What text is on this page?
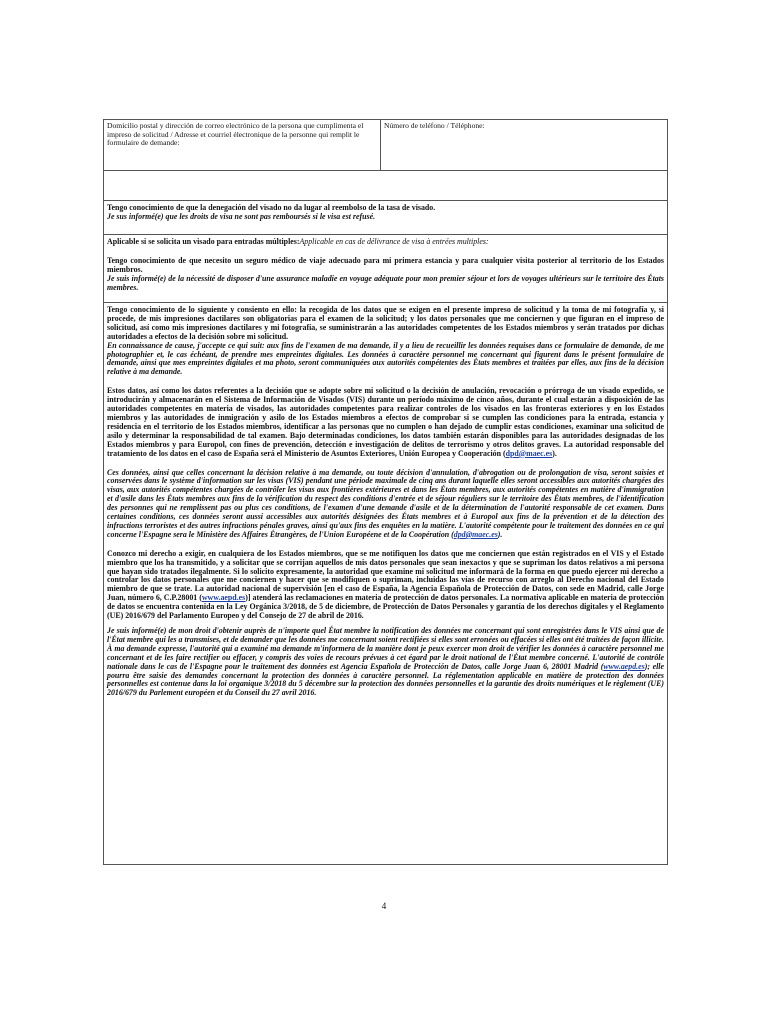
Domicilio postal y dirección de correo electrónico de la persona que cumplimenta el impreso de solicitud / Adresse et courriel électronique de la personne qui remplit le formulaire de demande:
Número de teléfono / Téléphone:

Tengo conocimiento de que la denegación del visado no da lugar al reembolso de la tasa de visado.

Je sus informé(e) que les droits de visa ne sont pas remboursés si le visa est refusé.

Aplicable si se solicita un visado para entradas múltiples:Applicable en cas de délivrance de visa à entrées multiples:

Tengo conocimiento de que necesito un seguro médico de viaje adecuado para mi primera estancia y para cualquier visita posterior al territorio de los Estados miembros.

Je suis informé(e) de la nécessité de disposer d'une assurance maladie en voyage adéquate pour mon premier séjour et lors de voyages ultérieurs sur le territoire des États membres.

Tengo conocimiento de lo siguiente y consiento en ello: la recogida de los datos que se exigen en el presente impreso de solicitud y la toma de mi fotografía y, si procede, de mis impresiones dactilares son obligatorias para el examen de la solicitud; y los datos personales que me conciernen y que figuran en el impreso de solicitud, así como mis impresiones dactilares y mi fotografía, se suministrarán a las autoridades competentes de los Estados miembros y serán tratados por dichas autoridades a efectos de la decisión sobre mi solicitud.

En connaissance de cause, j'accepte ce qui suit: aux fins de l'examen de ma demande, il y a lieu de recueillir les données requises dans ce formulaire de demande, de me photographier et, le cas échéant, de prendre mes empreintes digitales. Les données à caractère personnel me concernant qui figurent dans le présent formulaire de demande, ainsi que mes empreintes digitales et ma photo, seront communiquées aux autorités compétentes des États membres et traitées par elles, aux fins de la décision relative à ma demande.

Estos datos, así como los datos referentes a la decisión que se adopte sobre mi solicitud o la decisión de anulación, revocación o prórroga de un visado expedido, se introducirán y almacenarán en el Sistema de Información de Visados (VIS) durante un período máximo de cinco años, durante el cual estarán a disposición de las autoridades competentes en materia de visados, las autoridades competentes para realizar controles de los visados en las fronteras exteriores y en los Estados miembros y las autoridades de inmigración y asilo de los Estados miembros a efectos de comprobar si se cumplen las condiciones para la entrada, estancia y residencia en el territorio de los Estados miembros, identificar a las personas que no cumplen o han dejado de cumplir estas condiciones, examinar una solicitud de asilo y determinar la responsabilidad de tal examen. Bajo determinadas condiciones, los datos también estarán disponibles para las autoridades designadas de los Estados miembros y para Europol, con fines de prevención, detección e investigación de delitos de terrorismo y otros delitos graves. La autoridad responsable del tratamiento de los datos en el caso de España será el Ministerio de Asuntos Exteriores, Unión Europea y Cooperación (dpd@maec.es).

Ces données, ainsi que celles concernant la décision relative à ma demande, ou toute décision d'annulation, d'abrogation ou de prolongation de visa, seront saisies et conservées dans le système d'information sur les visas (VIS) pendant une période maximale de cinq ans durant laquelle elles seront accessibles aux autorités chargées des visas, aux autorités compétentes chargées de contrôler les visas aux frontières extérieures et dans les États membres, aux autorités compétentes en matière d'immigration et d'asile dans les États membres aux fins de la vérification du respect des conditions d'entrée et de séjour réguliers sur le territoire des États membres, de l'identification des personnes qui ne remplissent pas ou plus ces conditions, de l'examen d'une demande d'asile et de la détermination de l'autorité responsable de cet examen. Dans certaines conditions, ces données seront aussi accessibles aux autorités désignées des États membres et à Europol aux fins de la prévention et de la détection des infractions terroristes et des autres infractions pénales graves, ainsi qu'aux fins des enquêtes en la matière. L'autorité compétente pour le traitement des données en ce qui concerne l'Espagne sera le Ministère des Affaires Étrangères, de l'Union Européene et de la Coopération (dpd@maec.es).

Conozco mi derecho a exigir, en cualquiera de los Estados miembros, que se me notifiquen los datos que me conciernen que están registrados en el VIS y el Estado miembro que los ha transmitido, y a solicitar que se corrijan aquellos de mis datos personales que sean inexactos y que se supriman los datos relativos a mi persona que hayan sido tratados ilegalmente. Si lo solicito expresamente, la autoridad que examine mi solicitud me informará de la forma en que puedo ejercer mi derecho a controlar los datos personales que me conciernen y hacer que se modifiquen o supriman, incluidas las vías de recurso con arreglo al Derecho nacional del Estado miembro de que se trate. La autoridad nacional de supervisión [en el caso de España, la Agencia Española de Protección de Datos, con sede en Madrid, calle Jorge Juan, número 6, C.P.28001 (www.aepd.es)] atenderá las reclamaciones en materia de protección de datos personales. La normativa aplicable en materia de protección de datos se encuentra contenida en la Ley Orgánica 3/2018, de 5 de diciembre, de Protección de Datos Personales y garantía de los derechos digitales y el Reglamento (UE) 2016/679 del Parlamento Europeo y del Consejo de 27 de abril de 2016.

Je suis informé(e) de mon droit d'obtenir auprès de n'importe quel État membre la notification des données me concernant qui sont enregistrées dans le VIS ainsi que de l'État membre qui les a transmises, et de demander que les données me concernant soient rectifiées si elles sont erronées ou effacées si elles ont été traitées de façon illicite. À ma demande expresse, l'autorité qui a examiné ma demande m'informera de la manière dont je peux exercer mon droit de vérifier les données à caractère personnel me concernant et de les faire rectifier ou effacer, y compris des voies de recours prévues à cet égard par le droit national de l'État membre concerné. L'autorité de contrôle nationale dans le cas de l'Espagne pour le traitement des données est Agencia Española de Protección de Datos, calle Jorge Juan 6, 28001 Madrid (www.aepd.es); elle pourra être saisie des demandes concernant la protection des données à caractère personnel. La réglementation applicable en matière de protection des données personnelles est contenue dans la loi organique 3/2018 du 5 décembre sur la protection des données personnelles et la garantie des droits numériques et le règlement (UE) 2016/679 du Parlement européen et du Conseil du 27 avril 2016.

4
